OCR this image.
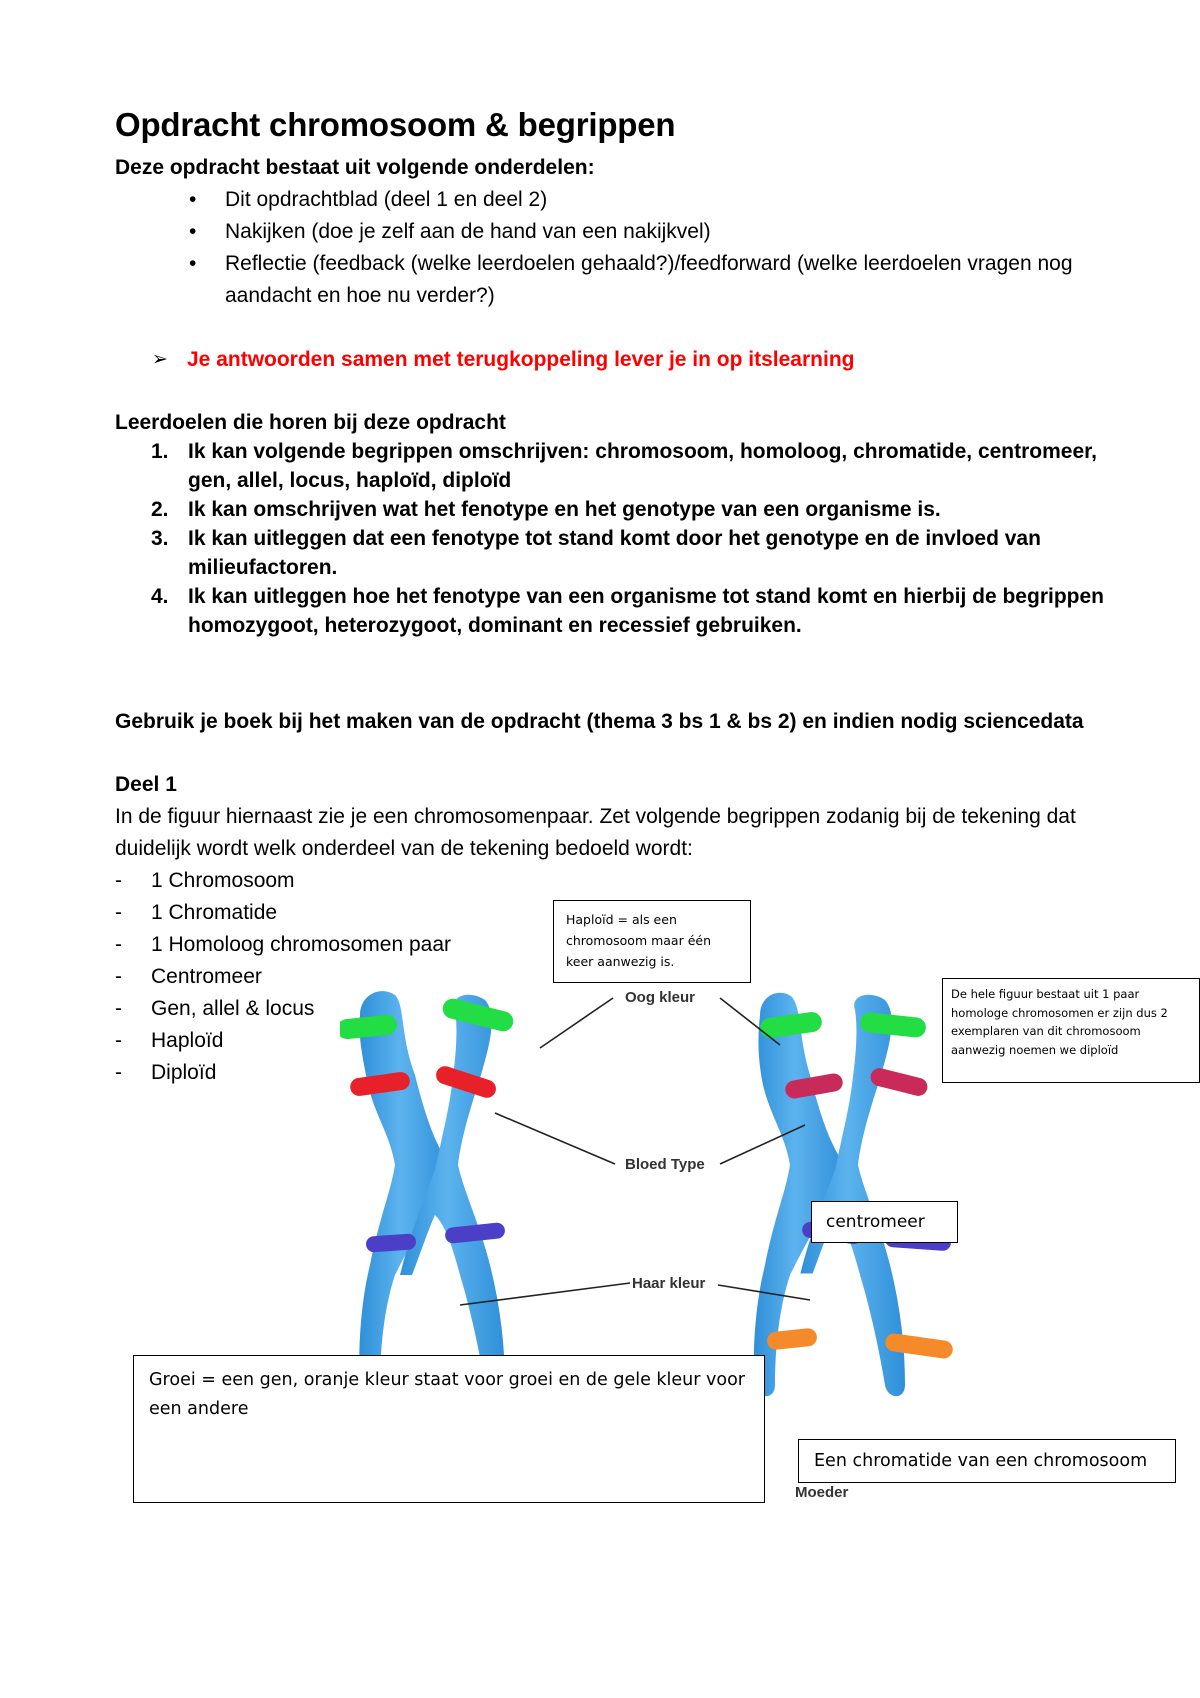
Opdracht chromosoom & begrippen
Deze opdracht bestaat uit volgende onderdelen:
• Dit opdrachtblad (deel 1 en deel 2)
• Nakijken (doe je zelf aan de hand van een nakijkvel)
• Reflectie (feedback (welke leerdoelen gehaald?)/feedforward (welke leerdoelen vragen nog aandacht en hoe nu verder?)
➢ Je antwoorden samen met terugkoppeling lever je in op itslearning
Leerdoelen die horen bij deze opdracht
1. Ik kan volgende begrippen omschrijven: chromosoom, homoloog, chromatide, centromeer, gen, allel, locus, haploïd, diploïd
2. Ik kan omschrijven wat het fenotype en het genotype van een organisme is.
3. Ik kan uitleggen dat een fenotype tot stand komt door het genotype en de invloed van milieufactoren.
4. Ik kan uitleggen hoe het fenotype van een organisme tot stand komt en hierbij de begrippen homozygoot, heterozygoot, dominant en recessief gebruiken.
Gebruik je boek bij het maken van de opdracht (thema 3 bs 1 & bs 2) en indien nodig sciencedata
Deel 1
In de figuur hiernaast zie je een chromosomenpaar. Zet volgende begrippen zodanig bij de tekening dat duidelijk wordt welk onderdeel van de tekening bedoeld wordt:
- 1 Chromosoom
- 1 Chromatide
- 1 Homoloog chromosomen paar
- Centromeer
- Gen, allel & locus
- Haploïd
- Diploïd
Oog kleur
Bloed Type
Haar kleur
Moeder
Haploïd = als een chromosoom maar één keer aanwezig is.
De hele figuur bestaat uit 1 paar homologe chromosomen er zijn dus 2 exemplaren van dit chromosoom aanwezig noemen we diploïd
centromeer
Groei = een gen, oranje kleur staat voor groei en de gele kleur voor een andere
Een chromatide van een chromosoom
